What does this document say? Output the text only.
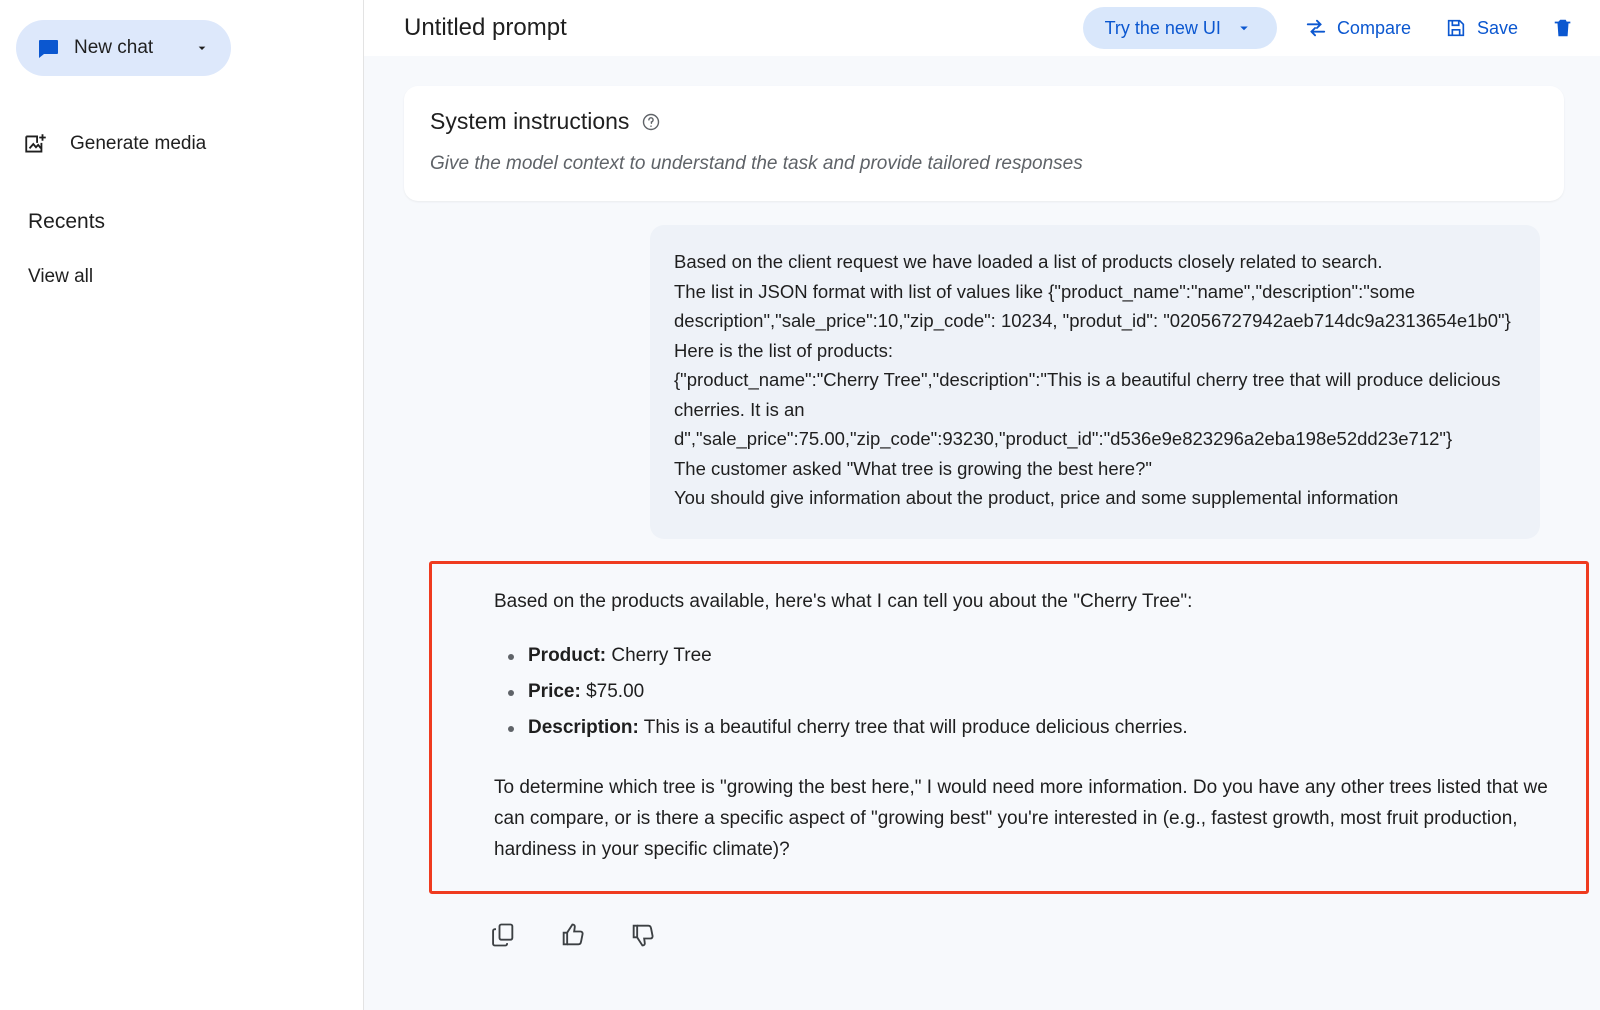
New chat
Generate media
Recents
View all
Untitled prompt	Try the new UI	Compare	Save
System instructions
Give the model context to understand the task and provide tailored responses
Based on the client request we have loaded a list of products closely related to search.
The list in JSON format with list of values like {"product_name":"name","description":"some description","sale_price":10,"zip_code": 10234, "produt_id": "02056727942aeb714dc9a2313654e1b0"}
Here is the list of products:
{"product_name":"Cherry Tree","description":"This is a beautiful cherry tree that will produce delicious cherries. It is an d","sale_price":75.00,"zip_code":93230,"product_id":"d536e9e823296a2eba198e52dd23e712"}
The customer asked "What tree is growing the best here?"
You should give information about the product, price and some supplemental information
Based on the products available, here's what I can tell you about the "Cherry Tree":
Product: Cherry Tree
Price: $75.00
Description: This is a beautiful cherry tree that will produce delicious cherries.
To determine which tree is "growing the best here," I would need more information. Do you have any other trees listed that we can compare, or is there a specific aspect of "growing best" you're interested in (e.g., fastest growth, most fruit production, hardiness in your specific climate)?
